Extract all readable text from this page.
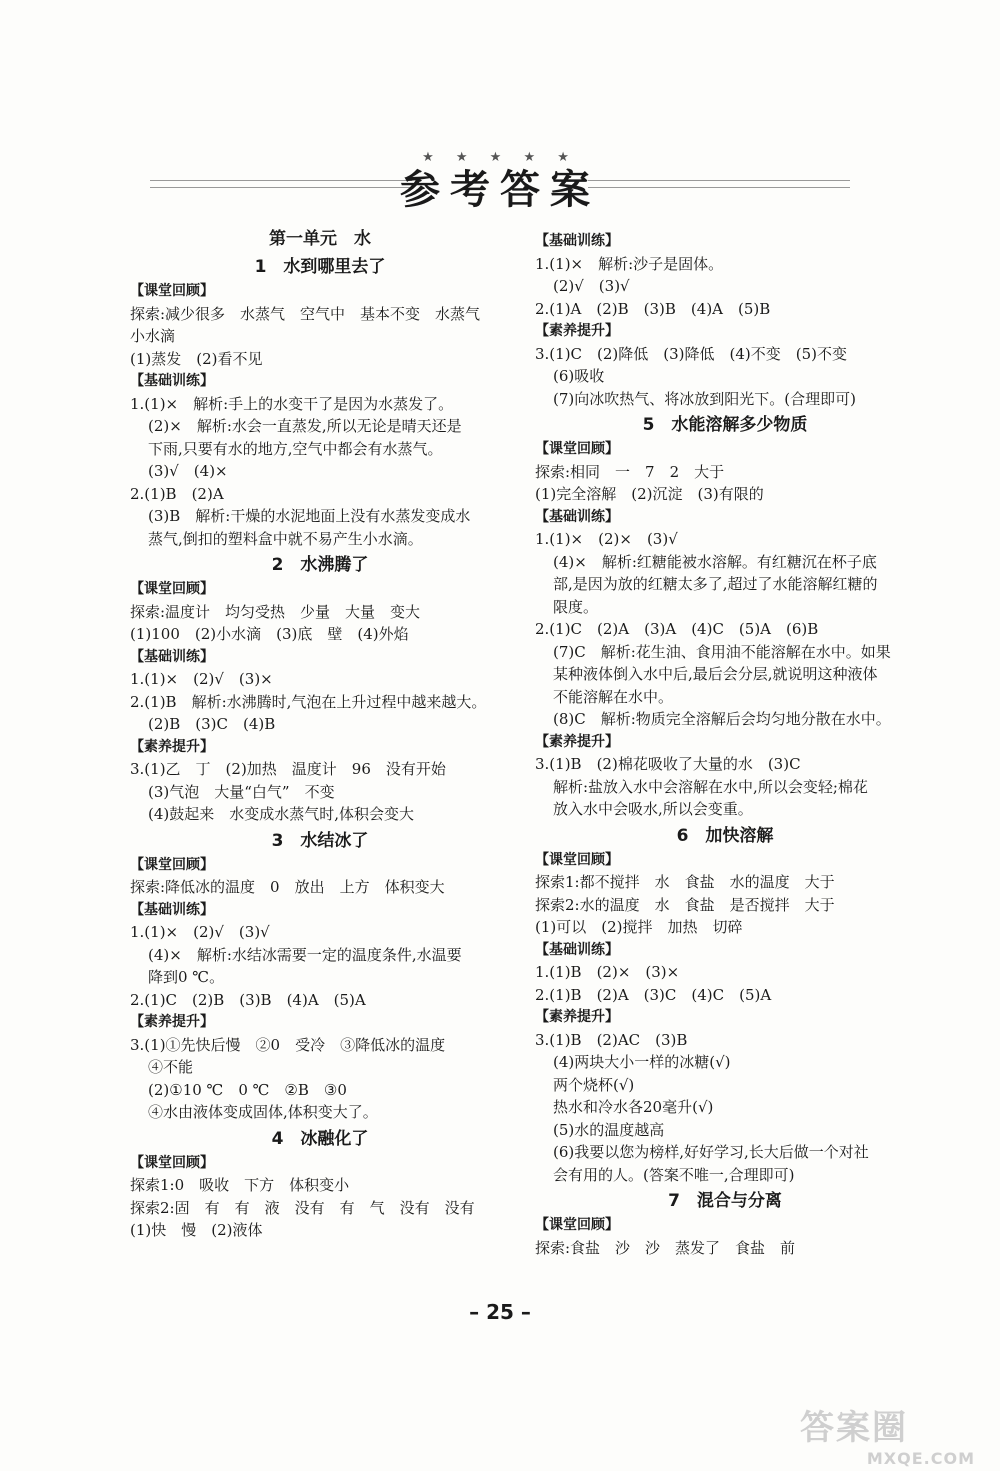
★ ★ ★ ★ ★
参考答案
第一单元　水
1　水到哪里去了
【课堂回顾】
探索:减少很多　水蒸气　空气中　基本不变　水蒸气
小水滴
(1)蒸发　(2)看不见
【基础训练】
1.(1)×　解析:手上的水变干了是因为水蒸发了。
(2)×　解析:水会一直蒸发,所以无论是晴天还是
下雨,只要有水的地方,空气中都会有水蒸气。
(3)√　(4)×
2.(1)B　(2)A
(3)B　解析:干燥的水泥地面上没有水蒸发变成水
蒸气,倒扣的塑料盒中就不易产生小水滴。
2　水沸腾了
【课堂回顾】
探索:温度计　均匀受热　少量　大量　变大
(1)100　(2)小水滴　(3)底　壁　(4)外焰
【基础训练】
1.(1)×　(2)√　(3)×
2.(1)B　解析:水沸腾时,气泡在上升过程中越来越大。
(2)B　(3)C　(4)B
【素养提升】
3.(1)乙　丁　(2)加热　温度计　96　没有开始
(3)气泡　大量“白气”　不变
(4)鼓起来　水变成水蒸气时,体积会变大
3　水结冰了
【课堂回顾】
探索:降低冰的温度　0　放出　上方　体积变大
【基础训练】
1.(1)×　(2)√　(3)√
(4)×　解析:水结冰需要一定的温度条件,水温要
降到0 ℃。
2.(1)C　(2)B　(3)B　(4)A　(5)A
【素养提升】
3.(1)①先快后慢　②0　受冷　③降低冰的温度
④不能
(2)①10 ℃　0 ℃　②B　③0
④水由液体变成固体,体积变大了。
4　冰融化了
【课堂回顾】
探索1:0　吸收　下方　体积变小
探索2:固　有　有　液　没有　有　气　没有　没有
(1)快　慢　(2)液体
【基础训练】
1.(1)×　解析:沙子是固体。
(2)√　(3)√
2.(1)A　(2)B　(3)B　(4)A　(5)B
【素养提升】
3.(1)C　(2)降低　(3)降低　(4)不变　(5)不变
(6)吸收
(7)向冰吹热气、将冰放到阳光下。(合理即可)
5　水能溶解多少物质
【课堂回顾】
探索:相同　一　7　2　大于
(1)完全溶解　(2)沉淀　(3)有限的
【基础训练】
1.(1)×　(2)×　(3)√
(4)×　解析:红糖能被水溶解。有红糖沉在杯子底
部,是因为放的红糖太多了,超过了水能溶解红糖的
限度。
2.(1)C　(2)A　(3)A　(4)C　(5)A　(6)B
(7)C　解析:花生油、食用油不能溶解在水中。如果
某种液体倒入水中后,最后会分层,就说明这种液体
不能溶解在水中。
(8)C　解析:物质完全溶解后会均匀地分散在水中。
【素养提升】
3.(1)B　(2)棉花吸收了大量的水　(3)C
解析:盐放入水中会溶解在水中,所以会变轻;棉花
放入水中会吸水,所以会变重。
6　加快溶解
【课堂回顾】
探索1:都不搅拌　水　食盐　水的温度　大于
探索2:水的温度　水　食盐　是否搅拌　大于
(1)可以　(2)搅拌　加热　切碎
【基础训练】
1.(1)B　(2)×　(3)×
2.(1)B　(2)A　(3)C　(4)C　(5)A
【素养提升】
3.(1)B　(2)AC　(3)B
(4)两块大小一样的冰糖(√)
两个烧杯(√)
热水和冷水各20毫升(√)
(5)水的温度越高
(6)我要以您为榜样,好好学习,长大后做一个对社
会有用的人。(答案不唯一,合理即可)
7　混合与分离
【课堂回顾】
探索:食盐　沙　沙　蒸发了　食盐　前
– 25 –
答案圈
MXQE.COM
